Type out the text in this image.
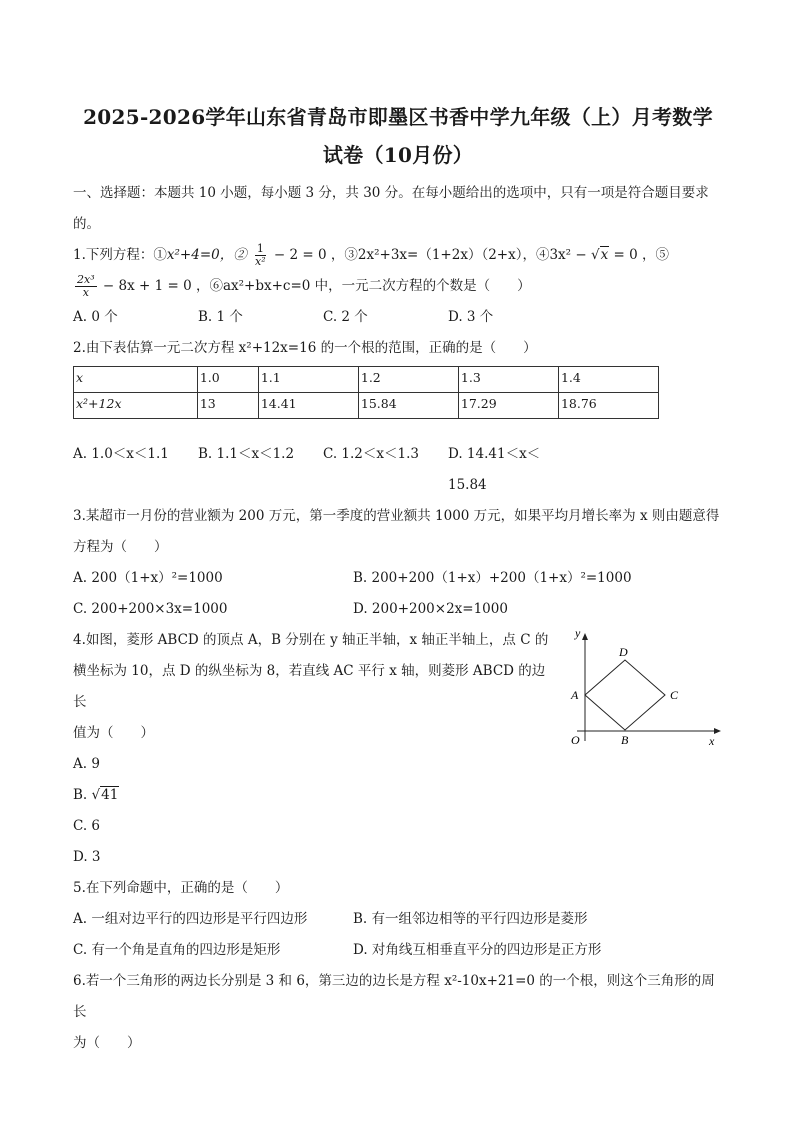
2025-2026学年山东省青岛市即墨区书香中学九年级（上）月考数学
试卷（10月份）
一、选择题：本题共 10 小题，每小题 3 分，共 30 分。在每小题给出的选项中，只有一项是符合题目要求
的。
1.下列方程：①x²+4=0，② $\frac{1}{\text{x²}} - 2 = 0$ ，③2x²+3x=（1+2x）（2+x），④3x² − √x = 0 ，⑤
$\frac{\text{2x³}}{x} - 8x + 1 = 0$ ，⑥ax²+bx+c=0 中，一元二次方程的个数是（　　）
A. 0 个	B. 1 个	C. 2 个	D. 3 个
2.由下表估算一元二次方程 x²+12x=16 的一个根的范围，正确的是（　　）
x	1.0	1.1	1.2	1.3	1.4
x²+12x	13	14.41	15.84	17.29	18.76
A. 1.0＜x＜1.1	B. 1.1＜x＜1.2	C. 1.2＜x＜1.3	D. 14.41＜x＜15.84
3.某超市一月份的营业额为 200 万元，第一季度的营业额共 1000 万元，如果平均月增长率为 x 则由题意得
方程为（　　）
A. 200（1+x）²=1000	B. 200+200（1+x）+200（1+x）²=1000
C. 200+200×3x=1000	D. 200+200×2x=1000
4.如图，菱形 ABCD 的顶点 A，B 分别在 y 轴正半轴，x 轴正半轴上，点 C 的
横坐标为 10，点 D 的纵坐标为 8，若直线 AC 平行 x 轴，则菱形 ABCD 的边长
值为（　　）
A. 9
B. √41
C. 6
D. 3
y
x
O
A
B
C
D
5.在下列命题中，正确的是（　　）
A. 一组对边平行的四边形是平行四边形	B. 有一组邻边相等的平行四边形是菱形
C. 有一个角是直角的四边形是矩形	D. 对角线互相垂直平分的四边形是正方形
6.若一个三角形的两边长分别是 3 和 6，第三边的边长是方程 x²-10x+21=0 的一个根，则这个三角形的周长
为（　　）
